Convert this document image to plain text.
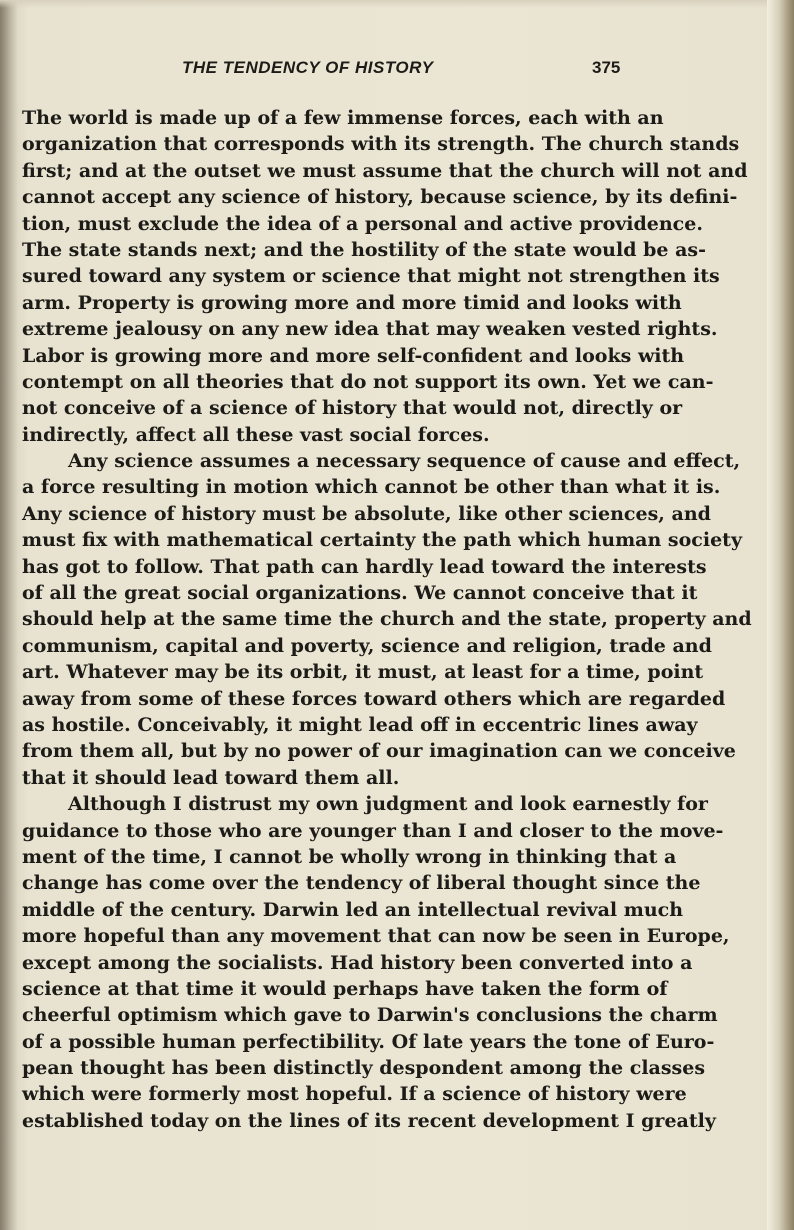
THE TENDENCY OF HISTORY	375
The world is made up of a few immense forces, each with an
organization that corresponds with its strength. The church stands
first; and at the outset we must assume that the church will not and
cannot accept any science of history, because science, by its defini-
tion, must exclude the idea of a personal and active providence.
The state stands next; and the hostility of the state would be as-
sured toward any system or science that might not strengthen its
arm. Property is growing more and more timid and looks with
extreme jealousy on any new idea that may weaken vested rights.
Labor is growing more and more self-confident and looks with
contempt on all theories that do not support its own. Yet we can-
not conceive of a science of history that would not, directly or
indirectly, affect all these vast social forces.
Any science assumes a necessary sequence of cause and effect,
a force resulting in motion which cannot be other than what it is.
Any science of history must be absolute, like other sciences, and
must fix with mathematical certainty the path which human society
has got to follow. That path can hardly lead toward the interests
of all the great social organizations. We cannot conceive that it
should help at the same time the church and the state, property and
communism, capital and poverty, science and religion, trade and
art. Whatever may be its orbit, it must, at least for a time, point
away from some of these forces toward others which are regarded
as hostile. Conceivably, it might lead off in eccentric lines away
from them all, but by no power of our imagination can we conceive
that it should lead toward them all.
Although I distrust my own judgment and look earnestly for
guidance to those who are younger than I and closer to the move-
ment of the time, I cannot be wholly wrong in thinking that a
change has come over the tendency of liberal thought since the
middle of the century. Darwin led an intellectual revival much
more hopeful than any movement that can now be seen in Europe,
except among the socialists. Had history been converted into a
science at that time it would perhaps have taken the form of
cheerful optimism which gave to Darwin's conclusions the charm
of a possible human perfectibility. Of late years the tone of Euro-
pean thought has been distinctly despondent among the classes
which were formerly most hopeful. If a science of history were
established today on the lines of its recent development I greatly
